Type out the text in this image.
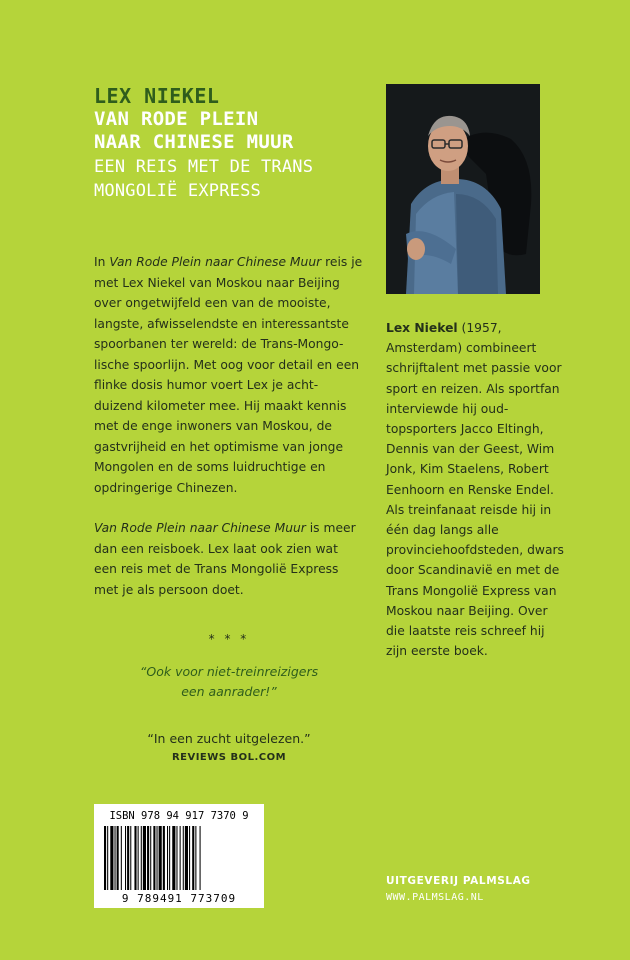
LEX NIEKEL
VAN RODE PLEIN
NAAR CHINESE MUUR
EEN REIS MET DE TRANS
MONGOLIË EXPRESS

In Van Rode Plein naar Chinese Muur reis je met Lex Niekel van Moskou naar Beijing over ongetwijfeld een van de mooiste, langste, afwisselendste en interessantste spoorbanen ter wereld: de Trans-Mongo- lische spoorlijn. Met oog voor detail en een flinke dosis humor voert Lex je acht- duizend kilometer mee. Hij maakt kennis met de enge inwoners van Moskou, de gastvrijheid en het optimisme van jonge Mongolen en de soms luidruchtige en opdringerige Chinezen.

Van Rode Plein naar Chinese Muur is meer dan een reisboek. Lex laat ook zien wat een reis met de Trans Mongolië Express met je als persoon doet.

* * *
“Ook voor niet-treinreizigers
een aanrader!”
“In een zucht uitgelezen.”
REVIEWS BOL.COM
Lex Niekel (1957, Amsterdam) combineert schrijftalent met passie voor sport en reizen. Als sportfan interviewde hij oud-topsporters Jacco Eltingh, Dennis van der Geest, Wim Jonk, Kim Staelens, Robert Eenhoorn en Renske Endel. Als treinfanaat reisde hij in één dag langs alle provinciehoofdsteden, dwars door Scandinavië en met de Trans Mongolië Express van Moskou naar Beijing. Over die laatste reis schreef hij zijn eerste boek.
ISBN 978 94 917 7370 9
9 789491 773709
UITGEVERIJ PALMSLAG
WWW.PALMSLAG.NL
